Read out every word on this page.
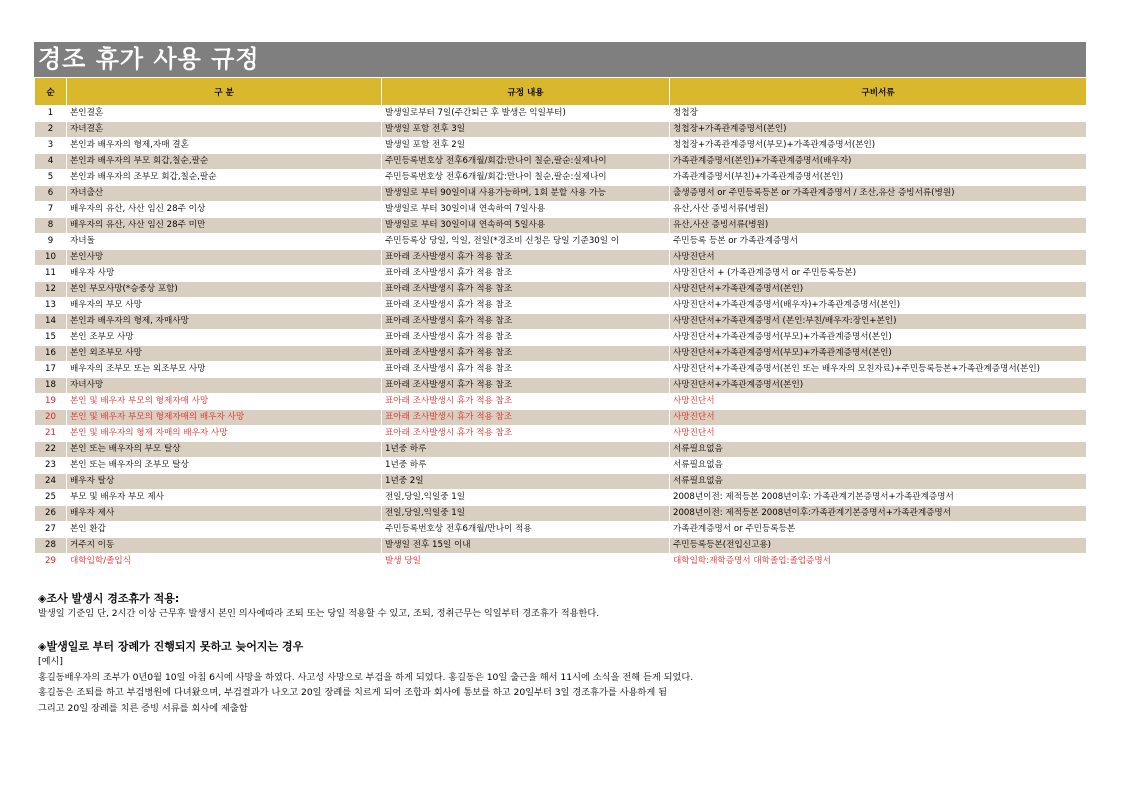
경조 휴가 사용 규정
순	구 분	규정 내용	구비서류
1	본인결혼	발생일로부터 7일(주간퇴근 후 발생은 익일부터)	청첩장
2	자녀결혼	발생일 포함 전후 3일	청첩장+가족관계증명서(본인)
3	본인과 배우자의 형제,자매 결혼	발생일 포함 전후 2일	청첩장+가족관계증명서(부모)+가족관계증명서(본인)
4	본인과 배우자의 부모 회갑,칠순,팔순	주민등록번호상 전후6개월/회갑:만나이 칠순,팔순:실제나이	가족관계증명서(본인)+가족관계증명서(배우자)
5	본인과 배우자의 조부모 회갑,칠순,팔순	주민등록번호상 전후6개월/회갑:만나이 칠순,팔순:실제나이	가족관계증명서(부친)+가족관계증명서(본인)
6	자녀출산	발생일로 부터 90일이내 사용가능하며, 1회 분할 사용 가능	출생증명서 or 주민등록등본 or 가족관계증명서 / 조산,유산 증빙서류(병원)
7	배우자의 유산, 사산 임신 28주 이상	발생일로 부터 30일이내 연속하여 7일사용	유산,사산 증빙서류(병원)
8	배우자의 유산, 사산 임신 28주 미만	발생일로 부터 30일이내 연속하여 5일사용	유산,사산 증빙서류(병원)
9	자녀돌	주민등록상 당일, 익일, 전일(*경조비 신청은 당일 기준30일 이	주민등록 등본 or 가족관계증명서
10	본인사망	표아래 조사발생시 휴가 적용 참조	사망진단서
11	배우자 사망	표아래 조사발생시 휴가 적용 참조	사망진단서 + (가족관계증명서 or 주민등록등본)
12	본인 부모사망(*승중상 포함)	표아래 조사발생시 휴가 적용 참조	사망진단서+가족관계증명서(본인)
13	배우자의 부모 사망	표아래 조사발생시 휴가 적용 참조	사망진단서+가족관계증명서(배우자)+가족관계증명서(본인)
14	본인과 배우자의 형제, 자매사망	표아래 조사발생시 휴가 적용 참조	사망진단서+가족관계증명서 (본인:부친/배우자:장인+본인)
15	본인 조부모 사망	표아래 조사발생시 휴가 적용 참조	사망진단서+가족관계증명서(부모)+가족관계증명서(본인)
16	본인 외조부모 사망	표아래 조사발생시 휴가 적용 참조	사망진단서+가족관계증명서(부모)+가족관계증명서(본인)
17	배우자의 조부모 또는 외조부모 사망	표아래 조사발생시 휴가 적용 참조	사망진단서+가족관계증명서(본인 또는 배우자의 모친자료)+주민등록등본+가족관계증명서(본인)
18	자녀사망	표아래 조사발생시 휴가 적용 참조	사망진단서+가족관계증명서(본인)
19	본인 및 배우자 부모의 형제자매 사망	표아래 조사발생시 휴가 적용 참조	사망진단서
20	본인 및 배우자 부모의 형제자매의 배우자 사망	표아래 조사발생시 휴가 적용 참조	사망진단서
21	본인 및 배우자의 형제 자매의 배우자 사망	표아래 조사발생시 휴가 적용 참조	사망진단서
22	본인 또는 배우자의 부모 탈상	1년중 하루	서류필요없음
23	본인 또는 배우자의 조부모 탈상	1년중 하루	서류필요없음
24	배우자 탈상	1년중 2일	서류필요없음
25	부모 및 배우자 부모 제사	전일,당일,익일중 1일	2008년이전: 제적등본 2008년이후: 가족관계기본증명서+가족관계증명서
26	배우자 제사	전일,당일,익일중 1일	2008년이전: 제적등본 2008년이후:가족관계기본증명서+가족관계증명서
27	본인 환갑	주민등록번호상 전후6개월/만나이 적용	가족관계증명서 or 주민등록등본
28	거주지 이동	발생일 전후 15일 이내	주민등록등본(전입신고용)
29	대학입학/졸입식	발생 당일	대학입학:재학증명서 대학졸업:졸업증명서
◈조사 발생시 경조휴가 적용:

발생일 기준임 단, 2시간 이상 근무후 발생시 본인 의사에따라 조퇴 또는 당일 적용할 수 있고, 조퇴, 정취근무는 익일부터 경조휴가 적용한다.

◈발생일로 부터 장례가 진행되지 못하고 늦어지는 경우

[예시]

홍길동배우자의 조부가 0년0월 10일 아침 6시에 사망을 하였다. 사고성 사망으로 부검을 하게 되었다. 홍길동은 10일 출근을 해서 11시에 소식을 전해 듣게 되었다.

홍길동은 조퇴를 하고 부검병원에 다녀왔으며, 부검결과가 나오고 20일 장례를 치르게 되어 조합과 회사에 통보를 하고 20일부터 3일 경조휴가를 사용하게 됨

그리고 20일 장례를 치른 증빙 서류를 회사에 제출함
